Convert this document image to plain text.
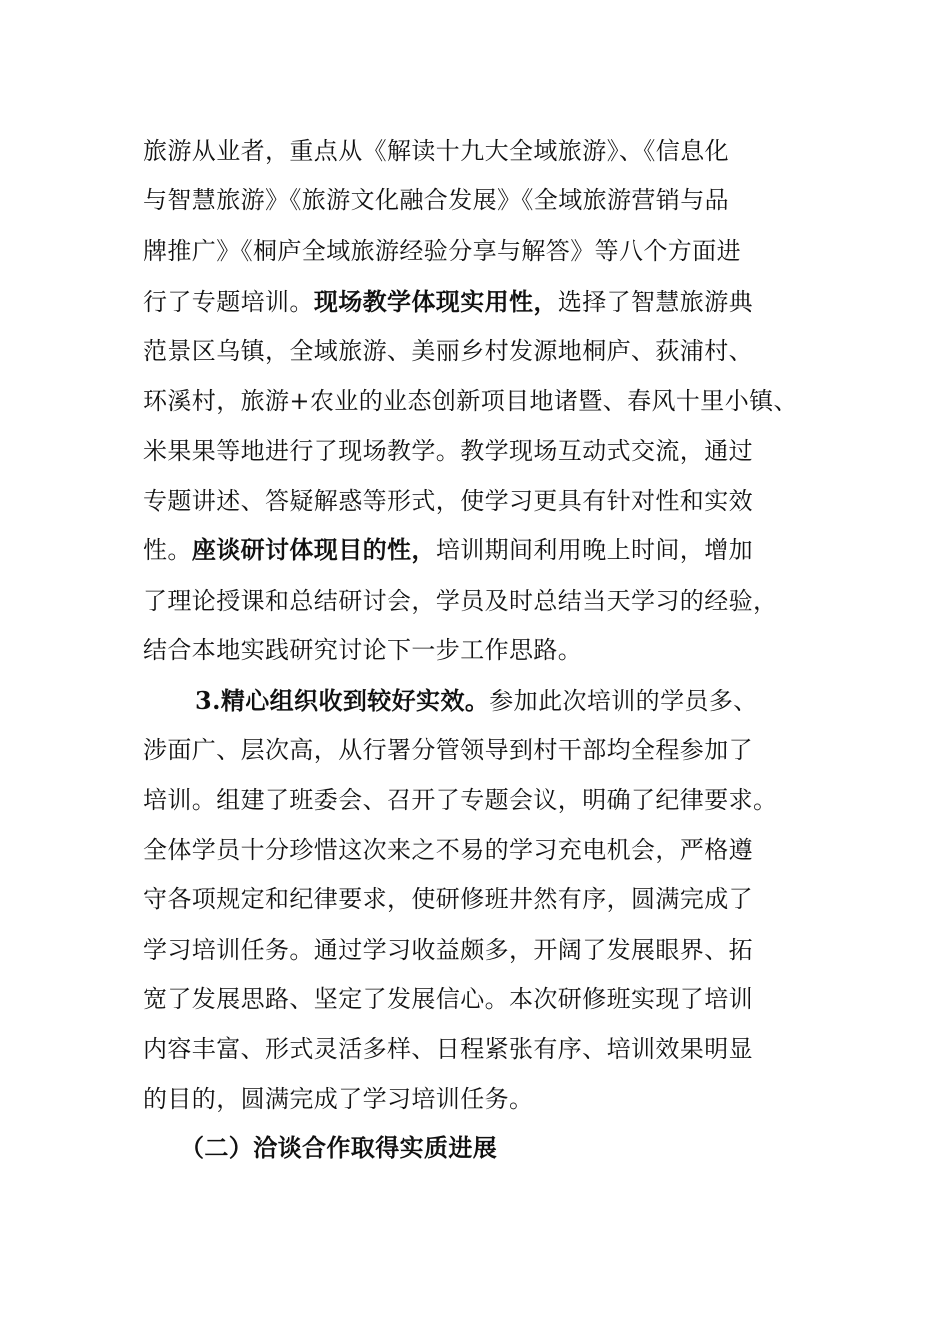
旅游从业者，重点从《解读十九大全域旅游》、《信息化
与智慧旅游》《旅游文化融合发展》《全域旅游营销与品
牌推广》《桐庐全域旅游经验分享与解答》等八个方面进
行了专题培训。现场教学体现实用性，选择了智慧旅游典
范景区乌镇，全域旅游、美丽乡村发源地桐庐、荻浦村、
环溪村，旅游+农业的业态创新项目地诸暨、春风十里小镇、
米果果等地进行了现场教学。教学现场互动式交流，通过
专题讲述、答疑解惑等形式，使学习更具有针对性和实效
性。座谈研讨体现目的性，培训期间利用晚上时间，增加
了理论授课和总结研讨会，学员及时总结当天学习的经验，
结合本地实践研究讨论下一步工作思路。
3.精心组织收到较好实效。参加此次培训的学员多、
涉面广、层次高，从行署分管领导到村干部均全程参加了
培训。组建了班委会、召开了专题会议，明确了纪律要求。
全体学员十分珍惜这次来之不易的学习充电机会，严格遵
守各项规定和纪律要求，使研修班井然有序，圆满完成了
学习培训任务。通过学习收益颇多，开阔了发展眼界、拓
宽了发展思路、坚定了发展信心。本次研修班实现了培训
内容丰富、形式灵活多样、日程紧张有序、培训效果明显
的目的，圆满完成了学习培训任务。
（二）洽谈合作取得实质进展
